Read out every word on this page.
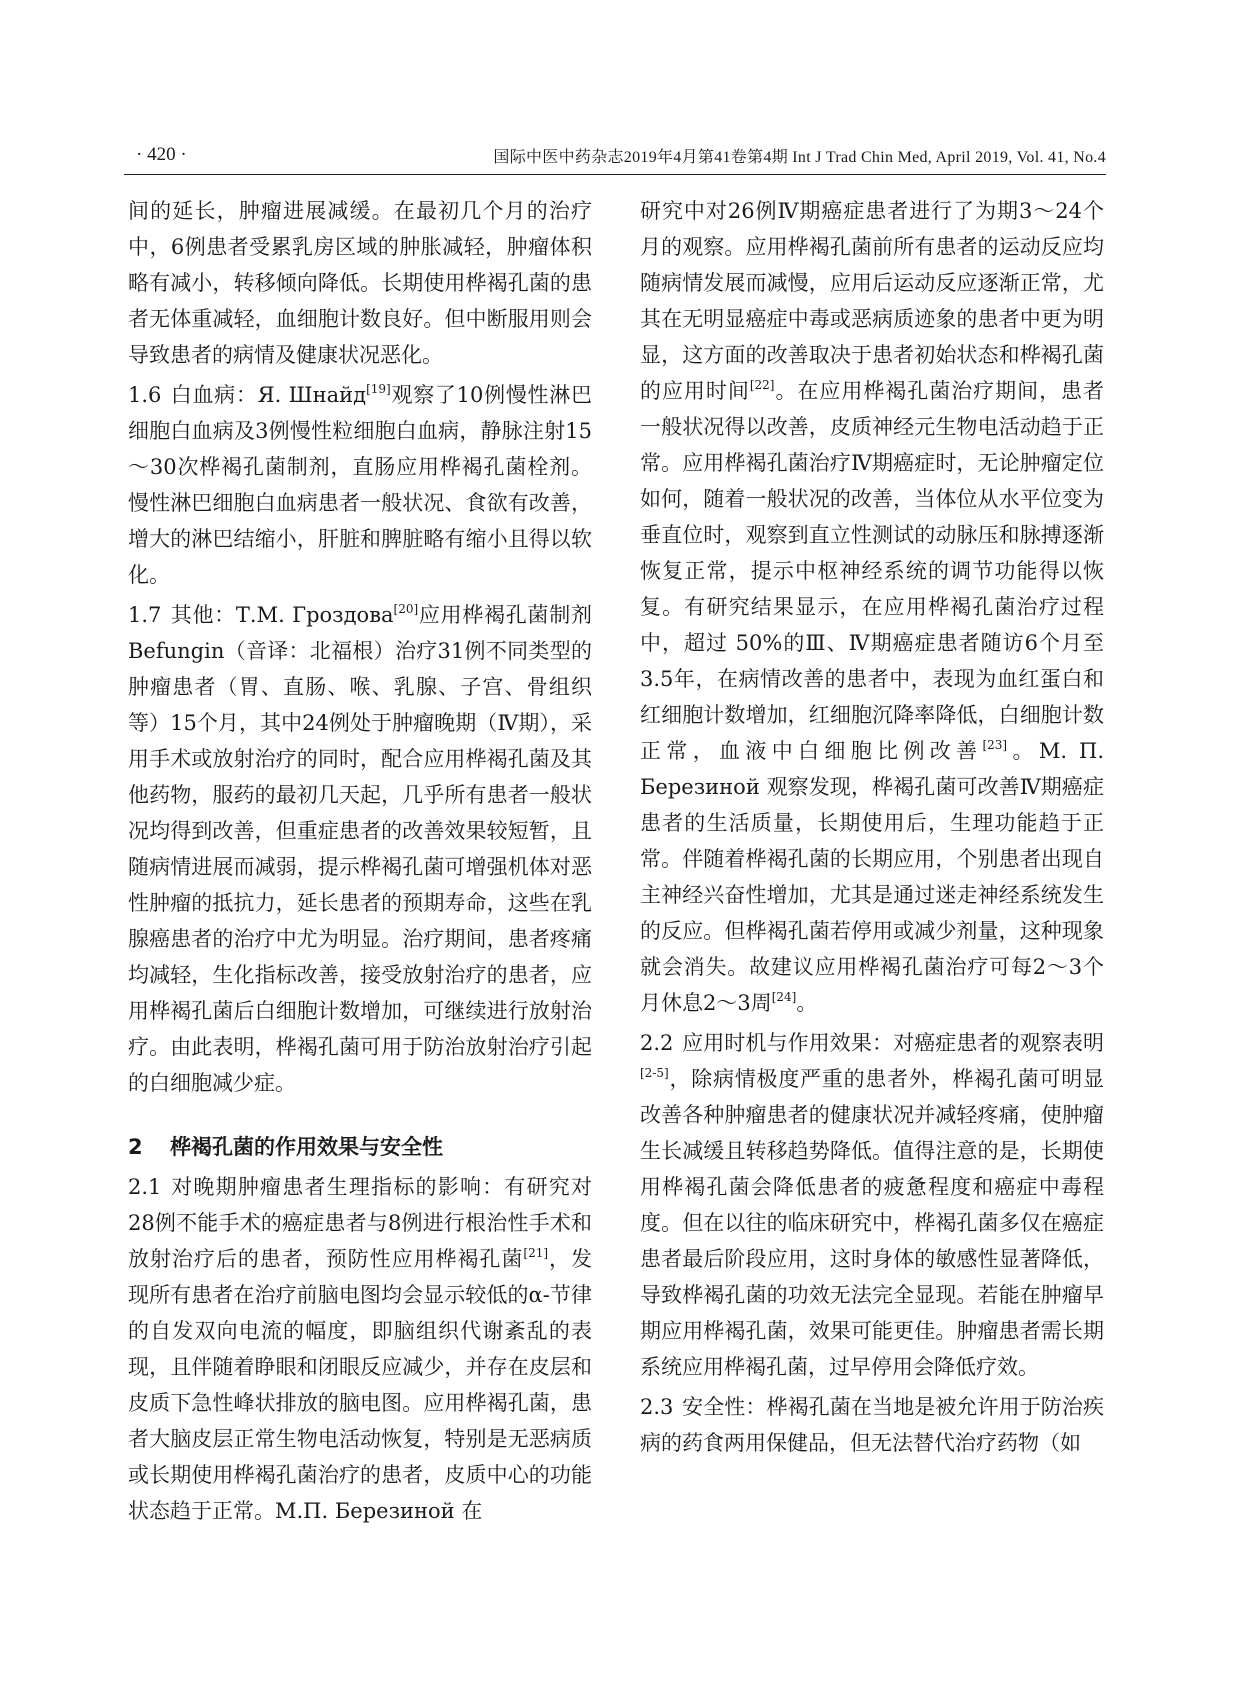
· 420 ·	国际中医中药杂志2019年4月第41卷第4期 Int J Trad Chin Med, April 2019, Vol. 41, No.4

间的延长，肿瘤进展减缓。在最初几个月的治疗中，6例患者受累乳房区域的肿胀减轻，肿瘤体积略有减小，转移倾向降低。长期使用桦褐孔菌的患者无体重减轻，血细胞计数良好。但中断服用则会导致患者的病情及健康状况恶化。

1.6 白血病：Я. Шнайд[19]观察了10例慢性淋巴细胞白血病及3例慢性粒细胞白血病，静脉注射15～30次桦褐孔菌制剂，直肠应用桦褐孔菌栓剂。慢性淋巴细胞白血病患者一般状况、食欲有改善，增大的淋巴结缩小，肝脏和脾脏略有缩小且得以软化。

1.7 其他：Т.М. Гроздова[20]应用桦褐孔菌制剂Befungin（音译：北福根）治疗31例不同类型的肿瘤患者（胃、直肠、喉、乳腺、子宫、骨组织等）15个月，其中24例处于肿瘤晚期（Ⅳ期），采用手术或放射治疗的同时，配合应用桦褐孔菌及其他药物，服药的最初几天起，几乎所有患者一般状况均得到改善，但重症患者的改善效果较短暂，且随病情进展而减弱，提示桦褐孔菌可增强机体对恶性肿瘤的抵抗力，延长患者的预期寿命，这些在乳腺癌患者的治疗中尤为明显。治疗期间，患者疼痛均减轻，生化指标改善，接受放射治疗的患者，应用桦褐孔菌后白细胞计数增加，可继续进行放射治疗。由此表明，桦褐孔菌可用于防治放射治疗引起的白细胞减少症。

2 桦褐孔菌的作用效果与安全性

2.1 对晚期肿瘤患者生理指标的影响：有研究对28例不能手术的癌症患者与8例进行根治性手术和放射治疗后的患者，预防性应用桦褐孔菌[21]，发现所有患者在治疗前脑电图均会显示较低的α-节律的自发双向电流的幅度，即脑组织代谢紊乱的表现，且伴随着睁眼和闭眼反应减少，并存在皮层和皮质下急性峰状排放的脑电图。应用桦褐孔菌，患者大脑皮层正常生物电活动恢复，特别是无恶病质或长期使用桦褐孔菌治疗的患者，皮质中心的功能状态趋于正常。М.П. Березиной 在

研究中对26例Ⅳ期癌症患者进行了为期3～24个月的观察。应用桦褐孔菌前所有患者的运动反应均随病情发展而减慢，应用后运动反应逐渐正常，尤其在无明显癌症中毒或恶病质迹象的患者中更为明显，这方面的改善取决于患者初始状态和桦褐孔菌的应用时间[22]。在应用桦褐孔菌治疗期间，患者一般状况得以改善，皮质神经元生物电活动趋于正常。应用桦褐孔菌治疗Ⅳ期癌症时，无论肿瘤定位如何，随着一般状况的改善，当体位从水平位变为垂直位时，观察到直立性测试的动脉压和脉搏逐渐恢复正常，提示中枢神经系统的调节功能得以恢复。有研究结果显示，在应用桦褐孔菌治疗过程中，超过 50%的Ⅲ、Ⅳ期癌症患者随访6个月至3.5年，在病情改善的患者中，表现为血红蛋白和红细胞计数增加，红细胞沉降率降低，白细胞计数正常，血液中白细胞比例改善[23]。М. П. Березиной 观察发现，桦褐孔菌可改善Ⅳ期癌症患者的生活质量，长期使用后，生理功能趋于正常。伴随着桦褐孔菌的长期应用，个别患者出现自主神经兴奋性增加，尤其是通过迷走神经系统发生的反应。但桦褐孔菌若停用或减少剂量，这种现象就会消失。故建议应用桦褐孔菌治疗可每2～3个月休息2～3周[24]。

2.2 应用时机与作用效果：对癌症患者的观察表明[2-5]，除病情极度严重的患者外，桦褐孔菌可明显改善各种肿瘤患者的健康状况并减轻疼痛，使肿瘤生长减缓且转移趋势降低。值得注意的是，长期使用桦褐孔菌会降低患者的疲惫程度和癌症中毒程度。但在以往的临床研究中，桦褐孔菌多仅在癌症患者最后阶段应用，这时身体的敏感性显著降低，导致桦褐孔菌的功效无法完全显现。若能在肿瘤早期应用桦褐孔菌，效果可能更佳。肿瘤患者需长期系统应用桦褐孔菌，过早停用会降低疗效。

2.3 安全性：桦褐孔菌在当地是被允许用于防治疾病的药食两用保健品，但无法替代治疗药物（如
